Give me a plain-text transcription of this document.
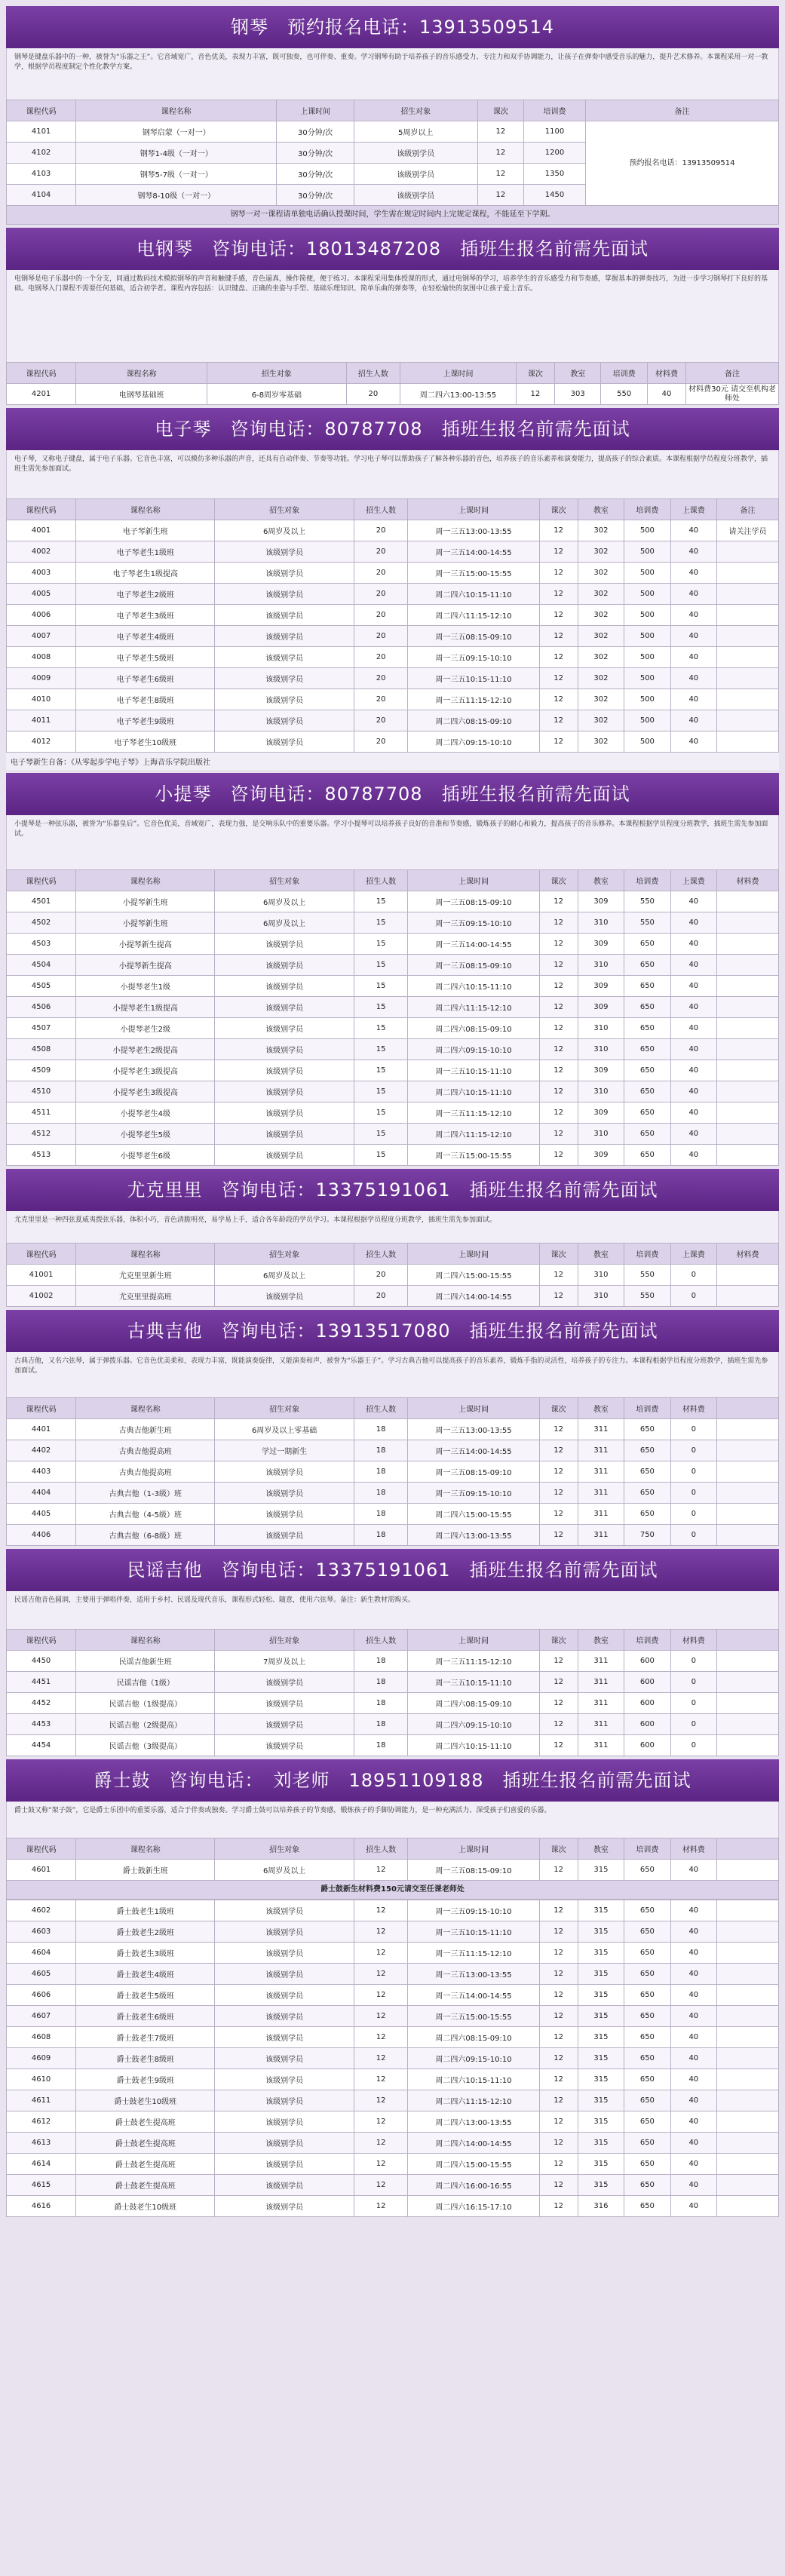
钢琴　预约报名电话：13913509514
钢琴是键盘乐器中的一种，被誉为“乐器之王”。它音域宽广，音色优美，表现力丰富，既可独奏，也可伴奏、重奏。学习钢琴有助于培养孩子的音乐感受力、专注力和双手协调能力，让孩子在弹奏中感受音乐的魅力，提升艺术修养。本课程采用一对一教学，根据学员程度制定个性化教学方案。
课程代码	课程名称	上课时间	招生对象	课次	培训费	备注
4101	钢琴启蒙（一对一）	30分钟/次	5周岁以上	12	1100	预约报名电话：13913509514
4102	钢琴1-4级（一对一）	30分钟/次	该级别学员	12	1200	
4103	钢琴5-7级（一对一）	30分钟/次	该级别学员	12	1350	
4104	钢琴8-10级（一对一）	30分钟/次	该级别学员	12	1450	
钢琴一对一课程请单独电话确认授课时间，学生需在规定时间内上完规定课程，不能延至下学期。
电钢琴　咨询电话：18013487208　插班生报名前需先面试
电钢琴是电子乐器中的一个分支，同通过数码技术模拟钢琴的声音和触键手感，音色逼真，操作简便，便于练习。本课程采用集体授课的形式，通过电钢琴的学习，培养学生的音乐感受力和节奏感，掌握基本的弹奏技巧，为进一步学习钢琴打下良好的基础。电钢琴入门课程不需要任何基础，适合初学者。课程内容包括：认识键盘、正确的坐姿与手型、基础乐理知识、简单乐曲的弹奏等，在轻松愉快的氛围中让孩子爱上音乐。
课程代码	课程名称	招生对象	招生人数	上课时间	课次	教室	培训费	材料费	备注
4201	电钢琴基础班	6-8周岁零基础	20	周二四六13:00-13:55	12	303	550	40	材料费30元 请交至机构老师处
电子琴　咨询电话：80787708　插班生报名前需先面试
电子琴，又称电子键盘，属于电子乐器。它音色丰富，可以模仿多种乐器的声音，还具有自动伴奏、节奏等功能。学习电子琴可以帮助孩子了解各种乐器的音色，培养孩子的音乐素养和演奏能力，提高孩子的综合素质。本课程根据学员程度分班教学，插班生需先参加面试。
课程代码	课程名称	招生对象	招生人数	上课时间	课次	教室	培训费	上课费	备注
4001	电子琴新生班	6周岁及以上	20	周一三五13:00-13:55	12	302	500	40	请关注学员
4002	电子琴老生1级班	该级别学员	20	周一三五14:00-14:55	12	302	500	40	
4003	电子琴老生1级提高	该级别学员	20	周一三五15:00-15:55	12	302	500	40	
4005	电子琴老生2级班	该级别学员	20	周二四六10:15-11:10	12	302	500	40	
4006	电子琴老生3级班	该级别学员	20	周二四六11:15-12:10	12	302	500	40	
4007	电子琴老生4级班	该级别学员	20	周一三五08:15-09:10	12	302	500	40	
4008	电子琴老生5级班	该级别学员	20	周一三五09:15-10:10	12	302	500	40	
4009	电子琴老生6级班	该级别学员	20	周一三五10:15-11:10	12	302	500	40	
4010	电子琴老生8级班	该级别学员	20	周一三五11:15-12:10	12	302	500	40	
4011	电子琴老生9级班	该级别学员	20	周二四六08:15-09:10	12	302	500	40	
4012	电子琴老生10级班	该级别学员	20	周二四六09:15-10:10	12	302	500	40	
电子琴新生自备：《从零起步学电子琴》上海音乐学院出版社
小提琴　咨询电话：80787708　插班生报名前需先面试
小提琴是一种弦乐器，被誉为“乐器皇后”。它音色优美，音域宽广，表现力强，是交响乐队中的重要乐器。学习小提琴可以培养孩子良好的音准和节奏感，锻炼孩子的耐心和毅力，提高孩子的音乐修养。本课程根据学员程度分班教学，插班生需先参加面试。
课程代码	课程名称	招生对象	招生人数	上课时间	课次	教室	培训费	上课费	材料费
4501	小提琴新生班	6周岁及以上	15	周一三五08:15-09:10	12	309	550	40	
4502	小提琴新生班	6周岁及以上	15	周一三五09:15-10:10	12	310	550	40	
4503	小提琴新生提高	该级别学员	15	周一三五14:00-14:55	12	309	650	40	
4504	小提琴新生提高	该级别学员	15	周一三五08:15-09:10	12	310	650	40	
4505	小提琴老生1级	该级别学员	15	周二四六10:15-11:10	12	309	650	40	
4506	小提琴老生1级提高	该级别学员	15	周二四六11:15-12:10	12	309	650	40	
4507	小提琴老生2级	该级别学员	15	周二四六08:15-09:10	12	310	650	40	
4508	小提琴老生2级提高	该级别学员	15	周二四六09:15-10:10	12	310	650	40	
4509	小提琴老生3级提高	该级别学员	15	周一三五10:15-11:10	12	309	650	40	
4510	小提琴老生3级提高	该级别学员	15	周二四六10:15-11:10	12	310	650	40	
4511	小提琴老生4级	该级别学员	15	周一三五11:15-12:10	12	309	650	40	
4512	小提琴老生5级	该级别学员	15	周二四六11:15-12:10	12	310	650	40	
4513	小提琴老生6级	该级别学员	15	周一三五15:00-15:55	12	309	650	40	
尤克里里　咨询电话：13375191061　插班生报名前需先面试
尤克里里是一种四弦夏威夷拨弦乐器，体积小巧，音色清脆明亮，易学易上手，适合各年龄段的学员学习。本课程根据学员程度分班教学，插班生需先参加面试。
课程代码	课程名称	招生对象	招生人数	上课时间	课次	教室	培训费	上课费	材料费
41001	尤克里里新生班	6周岁及以上	20	周二四六15:00-15:55	12	310	550	0	
41002	尤克里里提高班	该级别学员	20	周二四六14:00-14:55	12	310	550	0	
古典吉他　咨询电话：13913517080　插班生报名前需先面试
古典吉他，又名六弦琴，属于弹拨乐器。它音色优美柔和，表现力丰富，既能演奏旋律，又能演奏和声，被誉为“乐器王子”。学习古典吉他可以提高孩子的音乐素养，锻炼手指的灵活性，培养孩子的专注力。本课程根据学员程度分班教学，插班生需先参加面试。
课程代码	课程名称	招生对象	招生人数	上课时间	课次	教室	培训费	材料费	
4401	古典吉他新生班	6周岁及以上零基础	18	周一三五13:00-13:55	12	311	650	0	
4402	古典吉他提高班	学过一期新生	18	周一三五14:00-14:55	12	311	650	0	
4403	古典吉他提高班	该级别学员	18	周一三五08:15-09:10	12	311	650	0	
4404	古典吉他（1-3级）班	该级别学员	18	周一三五09:15-10:10	12	311	650	0	
4405	古典吉他（4-5级）班	该级别学员	18	周二四六15:00-15:55	12	311	650	0	
4406	古典吉他（6-8级）班	该级别学员	18	周二四六13:00-13:55	12	311	750	0	
民谣吉他　咨询电话：13375191061　插班生报名前需先面试
民谣吉他音色圆润，主要用于弹唱伴奏，适用于乡村、民谣及现代音乐，课程形式轻松、随意，使用六弦琴。备注：新生教材需购买。
课程代码	课程名称	招生对象	招生人数	上课时间	课次	教室	培训费	材料费	
4450	民谣吉他新生班	7周岁及以上	18	周一三五11:15-12:10	12	311	600	0	
4451	民谣吉他（1级）	该级别学员	18	周一三五10:15-11:10	12	311	600	0	
4452	民谣吉他（1级提高）	该级别学员	18	周二四六08:15-09:10	12	311	600	0	
4453	民谣吉他（2级提高）	该级别学员	18	周二四六09:15-10:10	12	311	600	0	
4454	民谣吉他（3级提高）	该级别学员	18	周二四六10:15-11:10	12	311	600	0	
爵士鼓　咨询电话：　刘老师　18951109188　插班生报名前需先面试
爵士鼓又称“架子鼓”，它是爵士乐团中的重要乐器，适合于伴奏或独奏。学习爵士鼓可以培养孩子的节奏感，锻炼孩子的手脚协调能力，是一种充满活力、深受孩子们喜爱的乐器。
课程代码	课程名称	招生对象	招生人数	上课时间	课次	教室	培训费	材料费	
4601	爵士鼓新生班	6周岁及以上	12	周一三五08:15-09:10	12	315	650	40	
爵士鼓新生材料费150元请交至任课老师处
4602	爵士鼓老生1级班	该级别学员	12	周一三五09:15-10:10	12	315	650	40	
4603	爵士鼓老生2级班	该级别学员	12	周一三五10:15-11:10	12	315	650	40	
4604	爵士鼓老生3级班	该级别学员	12	周一三五11:15-12:10	12	315	650	40	
4605	爵士鼓老生4级班	该级别学员	12	周一三五13:00-13:55	12	315	650	40	
4606	爵士鼓老生5级班	该级别学员	12	周一三五14:00-14:55	12	315	650	40	
4607	爵士鼓老生6级班	该级别学员	12	周一三五15:00-15:55	12	315	650	40	
4608	爵士鼓老生7级班	该级别学员	12	周二四六08:15-09:10	12	315	650	40	
4609	爵士鼓老生8级班	该级别学员	12	周二四六09:15-10:10	12	315	650	40	
4610	爵士鼓老生9级班	该级别学员	12	周二四六10:15-11:10	12	315	650	40	
4611	爵士鼓老生10级班	该级别学员	12	周二四六11:15-12:10	12	315	650	40	
4612	爵士鼓老生提高班	该级别学员	12	周二四六13:00-13:55	12	315	650	40	
4613	爵士鼓老生提高班	该级别学员	12	周二四六14:00-14:55	12	315	650	40	
4614	爵士鼓老生提高班	该级别学员	12	周二四六15:00-15:55	12	315	650	40	
4615	爵士鼓老生提高班	该级别学员	12	周二四六16:00-16:55	12	315	650	40	
4616	爵士鼓老生10级班	该级别学员	12	周二四六16:15-17:10	12	316	650	40	
